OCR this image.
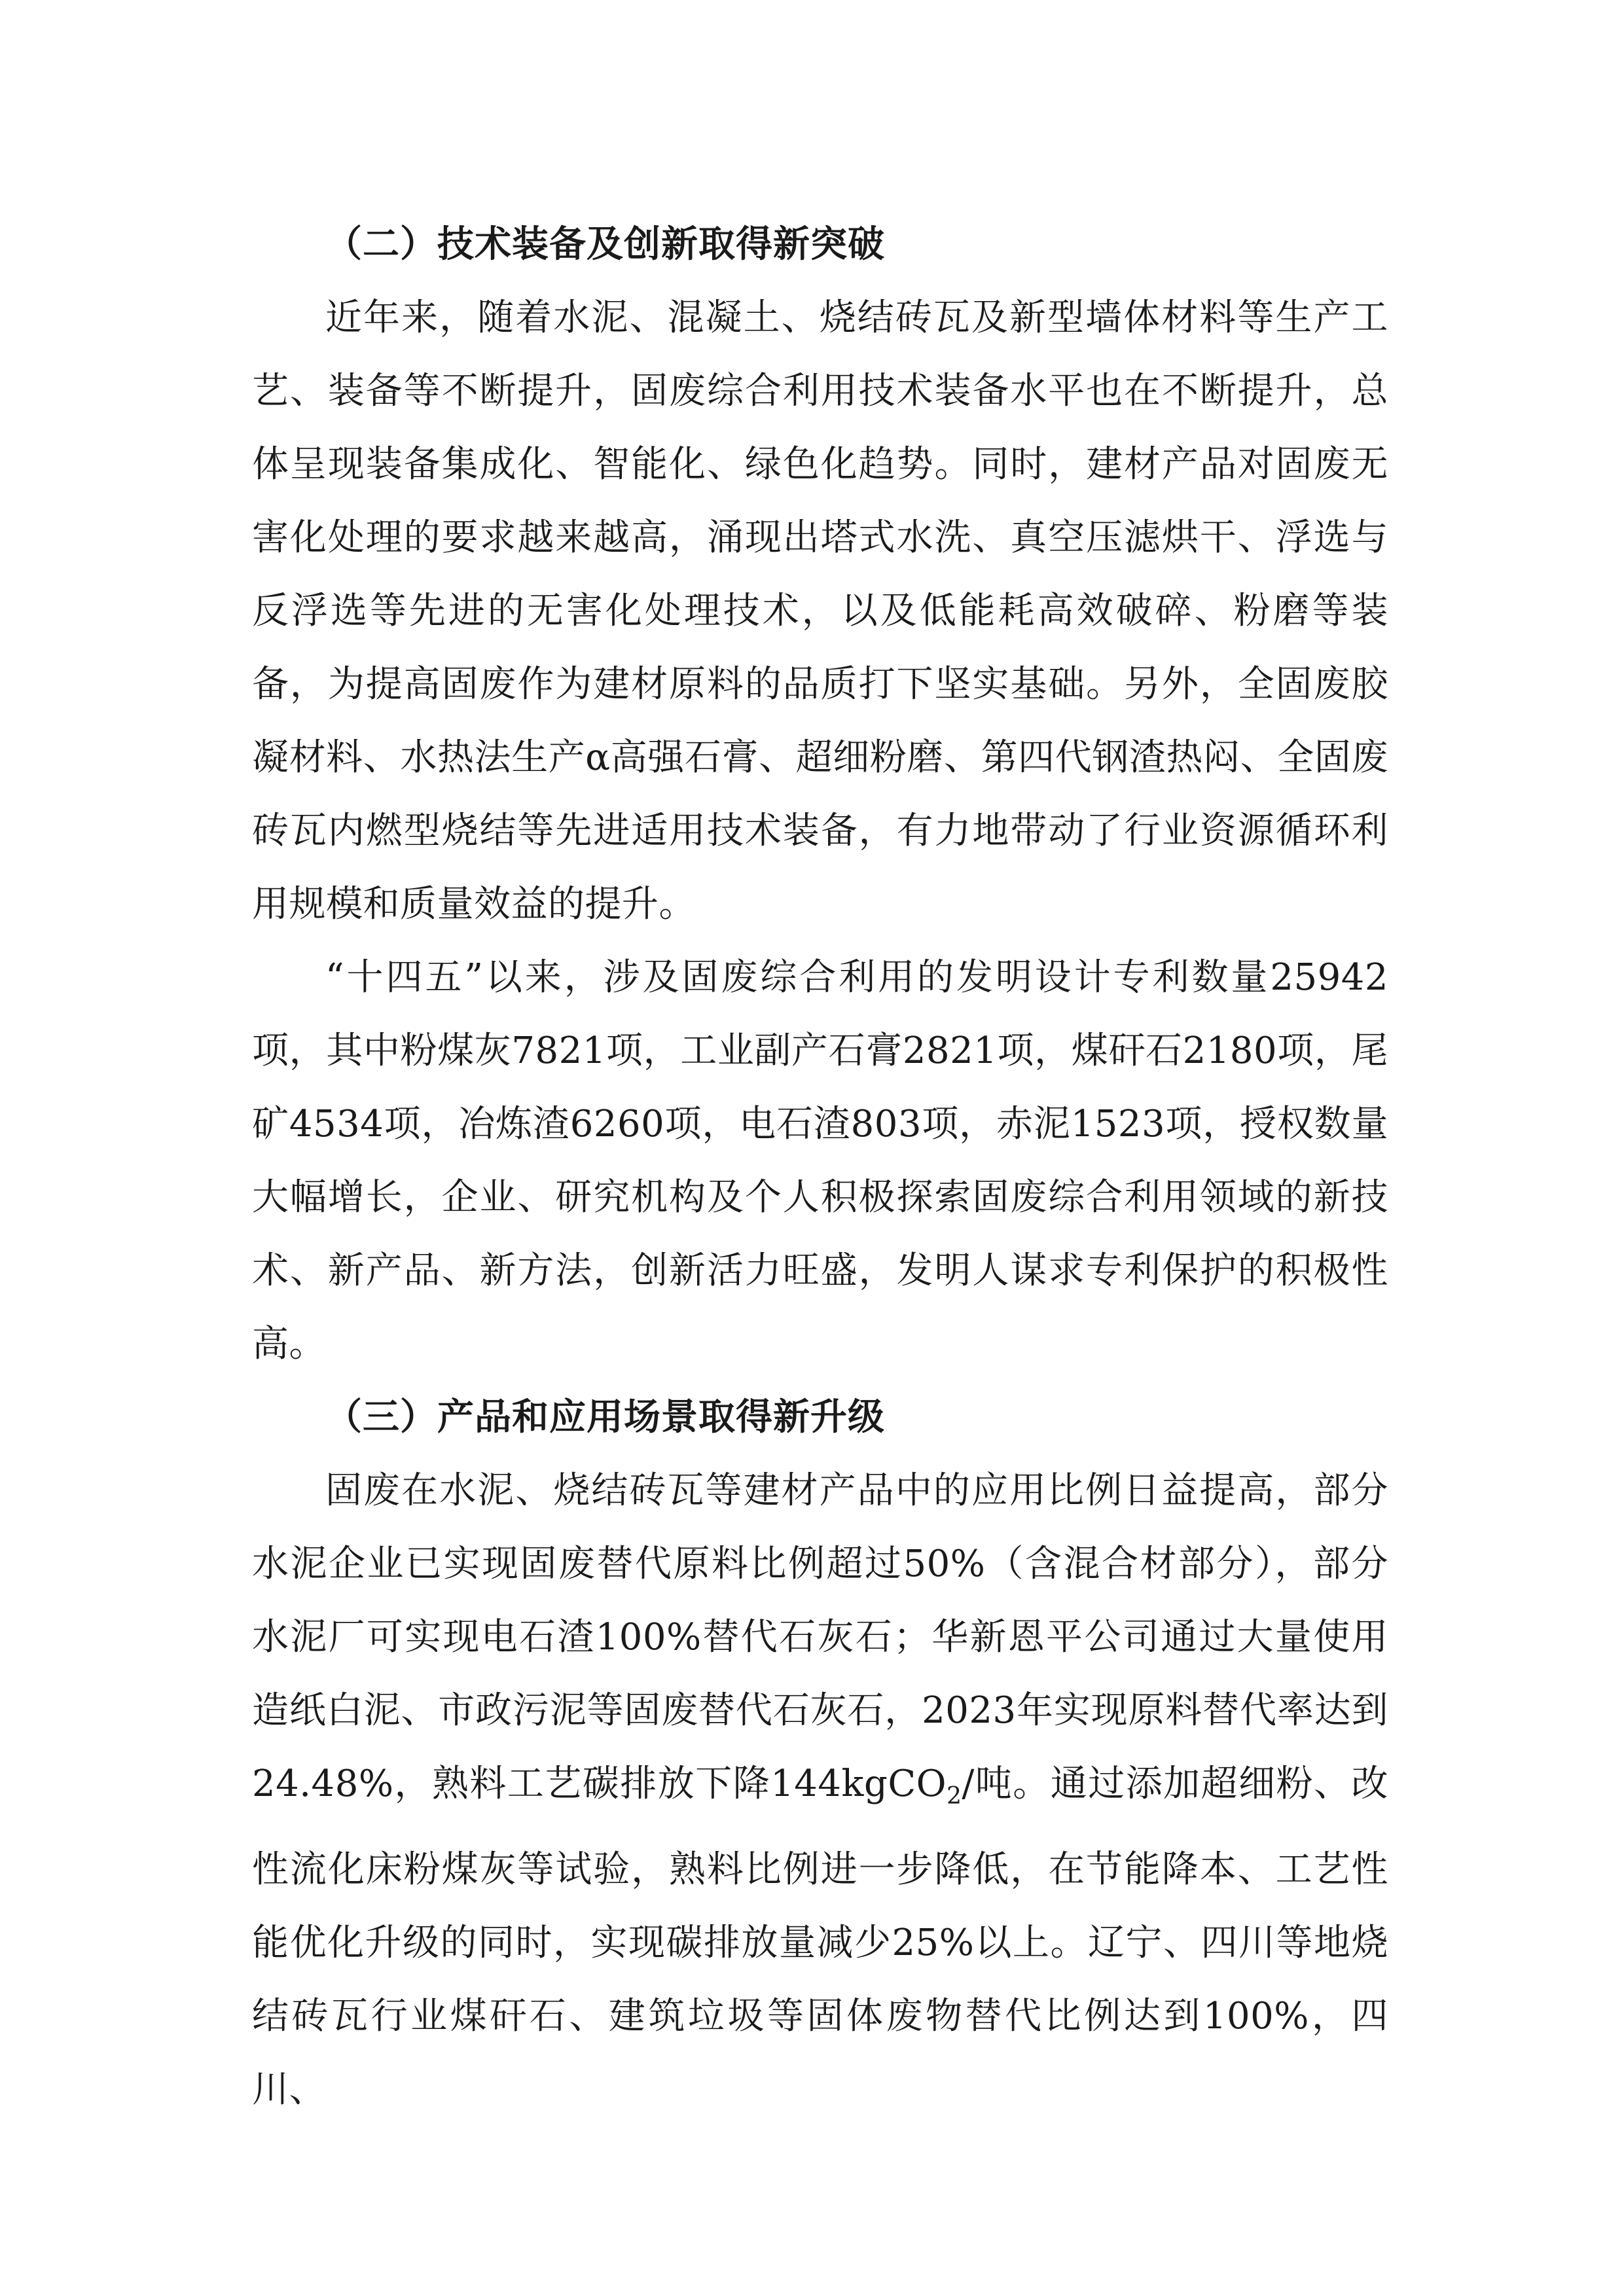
（二）技术装备及创新取得新突破

近年来，随着水泥、混凝土、烧结砖瓦及新型墙体材料等生产工艺、装备等不断提升，固废综合利用技术装备水平也在不断提升，总体呈现装备集成化、智能化、绿色化趋势。同时，建材产品对固废无害化处理的要求越来越高，涌现出塔式水洗、真空压滤烘干、浮选与反浮选等先进的无害化处理技术，以及低能耗高效破碎、粉磨等装备，为提高固废作为建材原料的品质打下坚实基础。另外，全固废胶凝材料、水热法生产α高强石膏、超细粉磨、第四代钢渣热闷、全固废砖瓦内燃型烧结等先进适用技术装备，有力地带动了行业资源循环利用规模和质量效益的提升。

“十四五”以来，涉及固废综合利用的发明设计专利数量25942项，其中粉煤灰7821项，工业副产石膏2821项，煤矸石2180项，尾矿4534项，冶炼渣6260项，电石渣803项，赤泥1523项，授权数量大幅增长，企业、研究机构及个人积极探索固废综合利用领域的新技术、新产品、新方法，创新活力旺盛，发明人谋求专利保护的积极性高。

（三）产品和应用场景取得新升级

固废在水泥、烧结砖瓦等建材产品中的应用比例日益提高，部分水泥企业已实现固废替代原料比例超过50%（含混合材部分），部分水泥厂可实现电石渣100%替代石灰石；华新恩平公司通过大量使用造纸白泥、市政污泥等固废替代石灰石，2023年实现原料替代率达到24.48%，熟料工艺碳排放下降144kgCO$_2$/吨。通过添加超细粉、改性流化床粉煤灰等试验，熟料比例进一步降低，在节能降本、工艺性能优化升级的同时，实现碳排放量减少25%以上。辽宁、四川等地烧结砖瓦行业煤矸石、建筑垃圾等固体废物替代比例达到100%，四川、
